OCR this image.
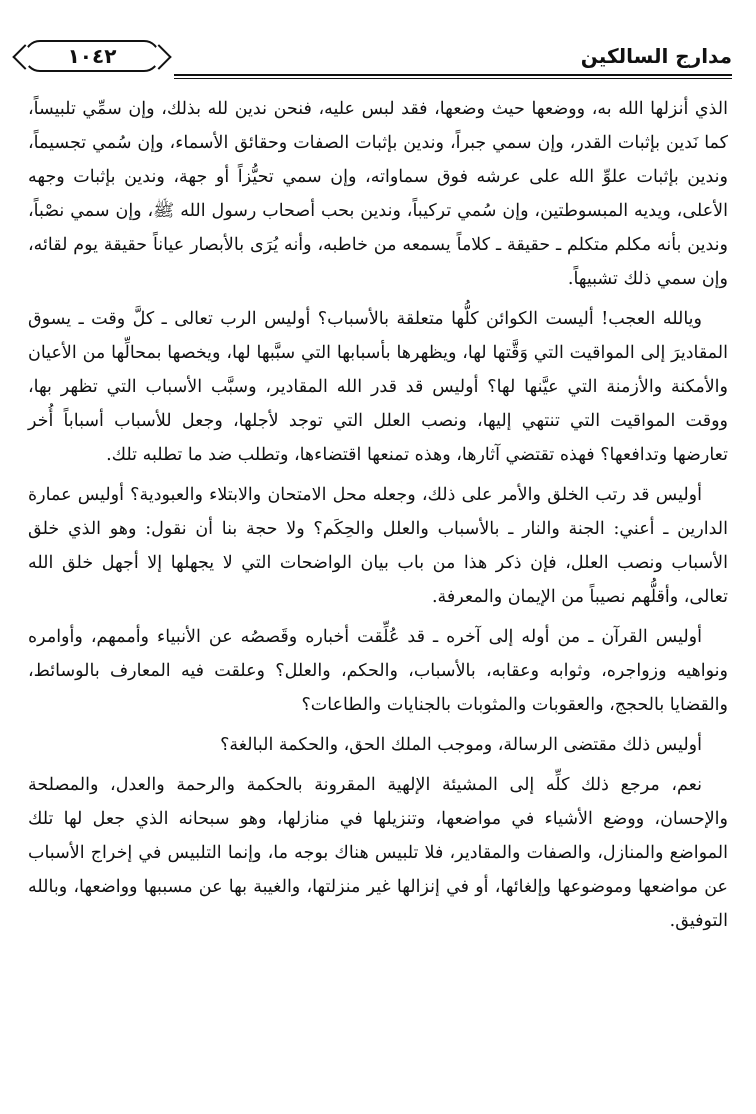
مدارج السالكين
١٠٤٢

الذي أنزلها الله به، ووضعها حيث وضعها، فقد لبس عليه، فنحن ندين لله بذلك، وإن سمِّي تلبيساً، كما نَدين بإثبات القدر، وإن سمي جبراً، وندين بإثبات الصفات وحقائق الأسماء، وإن سُمي تجسيماً، وندين بإثبات علوِّ الله على عرشه فوق سماواته، وإن سمي تحيُّزاً أو جهة، وندين بإثبات وجهه الأعلى، ويديه المبسوطتين، وإن سُمي تركيباً، وندين بحب أصحاب رسول الله ﷺ، وإن سمي نصْباً، وندين بأنه مكلم متكلم ـ حقيقة ـ كلاماً يسمعه من خاطبه، وأنه يُرَى بالأبصار عياناً حقيقة يوم لقائه، وإن سمي ذلك تشبيهاً.

ويالله العجب! أليست الكوائن كلُّها متعلقة بالأسباب؟ أوليس الرب تعالى ـ كلَّ وقت ـ يسوق المقاديرَ إلى المواقيت التي وَقَّتها لها، ويظهرها بأسبابها التي سبَّبها لها، ويخصها بمحالِّها من الأعيان والأمكنة والأزمنة التي عيَّنها لها؟ أوليس قد قدر الله المقادير، وسبَّب الأسباب التي تظهر بها، ووقت المواقيت التي تنتهي إليها، ونصب العلل التي توجد لأجلها، وجعل للأسباب أسباباً أُخر تعارضها وتدافعها؟ فهذه تقتضي آثارها، وهذه تمنعها اقتضاءها، وتطلب ضد ما تطلبه تلك.

أوليس قد رتب الخلق والأمر على ذلك، وجعله محل الامتحان والابتلاء والعبودية؟ أوليس عمارة الدارين ـ أعني: الجنة والنار ـ بالأسباب والعلل والحِكَم؟ ولا حجة بنا أن نقول: وهو الذي خلق الأسباب ونصب العلل، فإن ذكر هذا من باب بيان الواضحات التي لا يجهلها إلا أجهل خلق الله تعالى، وأقلُّهم نصيباً من الإيمان والمعرفة.

أوليس القرآن ـ من أوله إلى آخره ـ قد عُلِّقت أخباره وقَصصُه عن الأنبياء وأممهم، وأوامره ونواهيه وزواجره، وثوابه وعقابه، بالأسباب، والحكم، والعلل؟ وعلقت فيه المعارف بالوسائط، والقضايا بالحجج، والعقوبات والمثوبات بالجنايات والطاعات؟

أوليس ذلك مقتضى الرسالة، وموجب الملك الحق، والحكمة البالغة؟

نعم، مرجع ذلك كلِّه إلى المشيئة الإلهية المقرونة بالحكمة والرحمة والعدل، والمصلحة والإحسان، ووضع الأشياء في مواضعها، وتنزيلها في منازلها، وهو سبحانه الذي جعل لها تلك المواضع والمنازل، والصفات والمقادير، فلا تلبيس هناك بوجه ما، وإنما التلبيس في إخراج الأسباب عن مواضعها وموضوعها وإلغائها، أو في إنزالها غير منزلتها، والغيبة بها عن مسببها وواضعها، وبالله التوفيق.
